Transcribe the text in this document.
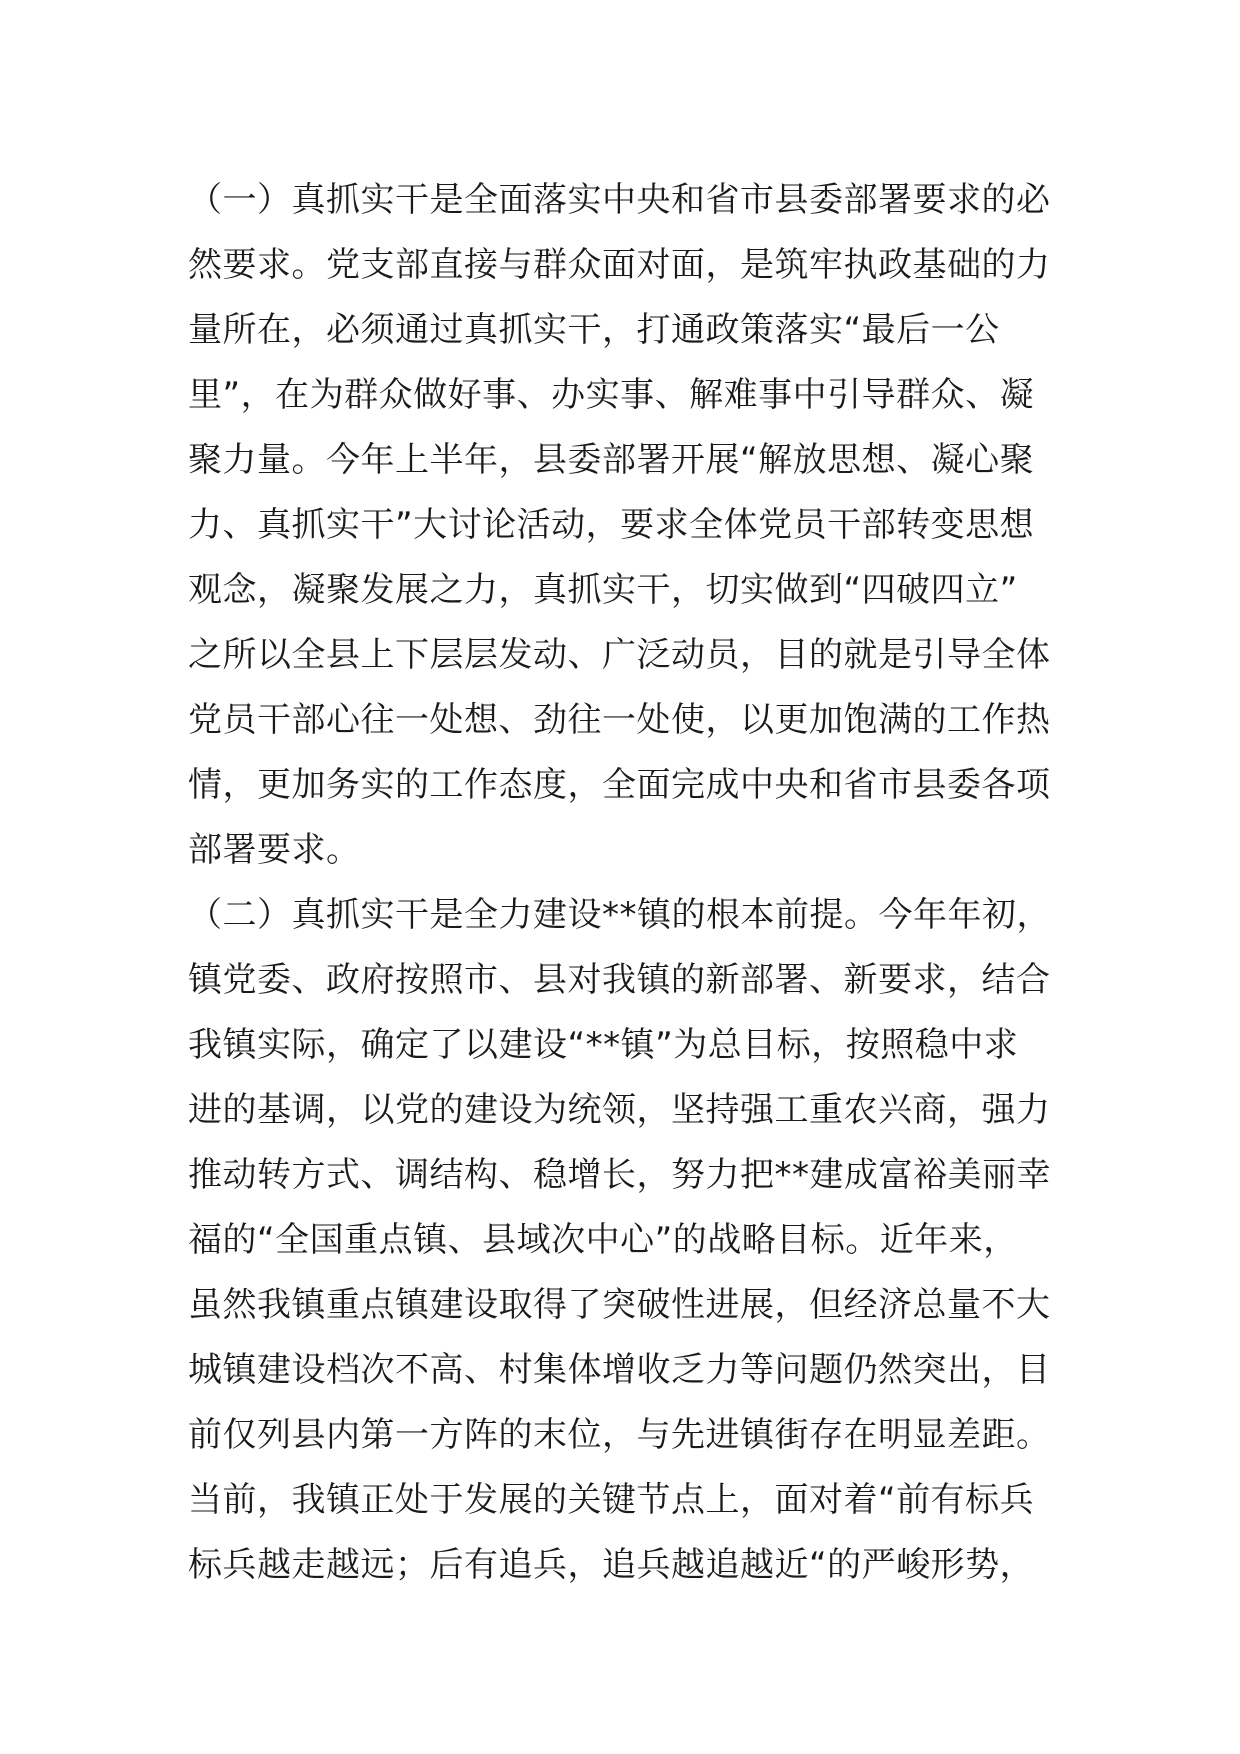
（一）真抓实干是全面落实中央和省市县委部署要求的必
然要求。党支部直接与群众面对面，是筑牢执政基础的力
量所在，必须通过真抓实干，打通政策落实“最后一公
里”，在为群众做好事、办实事、解难事中引导群众、凝
聚力量。今年上半年，县委部署开展“解放思想、凝心聚
力、真抓实干”大讨论活动，要求全体党员干部转变思想
观念，凝聚发展之力，真抓实干，切实做到“四破四立”
之所以全县上下层层发动、广泛动员，目的就是引导全体
党员干部心往一处想、劲往一处使，以更加饱满的工作热
情，更加务实的工作态度，全面完成中央和省市县委各项
部署要求。
（二）真抓实干是全力建设**镇的根本前提。今年年初，
镇党委、政府按照市、县对我镇的新部署、新要求，结合
我镇实际，确定了以建设“**镇”为总目标，按照稳中求
进的基调，以党的建设为统领，坚持强工重农兴商，强力
推动转方式、调结构、稳增长，努力把**建成富裕美丽幸
福的“全国重点镇、县域次中心”的战略目标。近年来，
虽然我镇重点镇建设取得了突破性进展，但经济总量不大
城镇建设档次不高、村集体增收乏力等问题仍然突出，目
前仅列县内第一方阵的末位，与先进镇街存在明显差距。
当前，我镇正处于发展的关键节点上，面对着“前有标兵
标兵越走越远；后有追兵，追兵越追越近“的严峻形势，
